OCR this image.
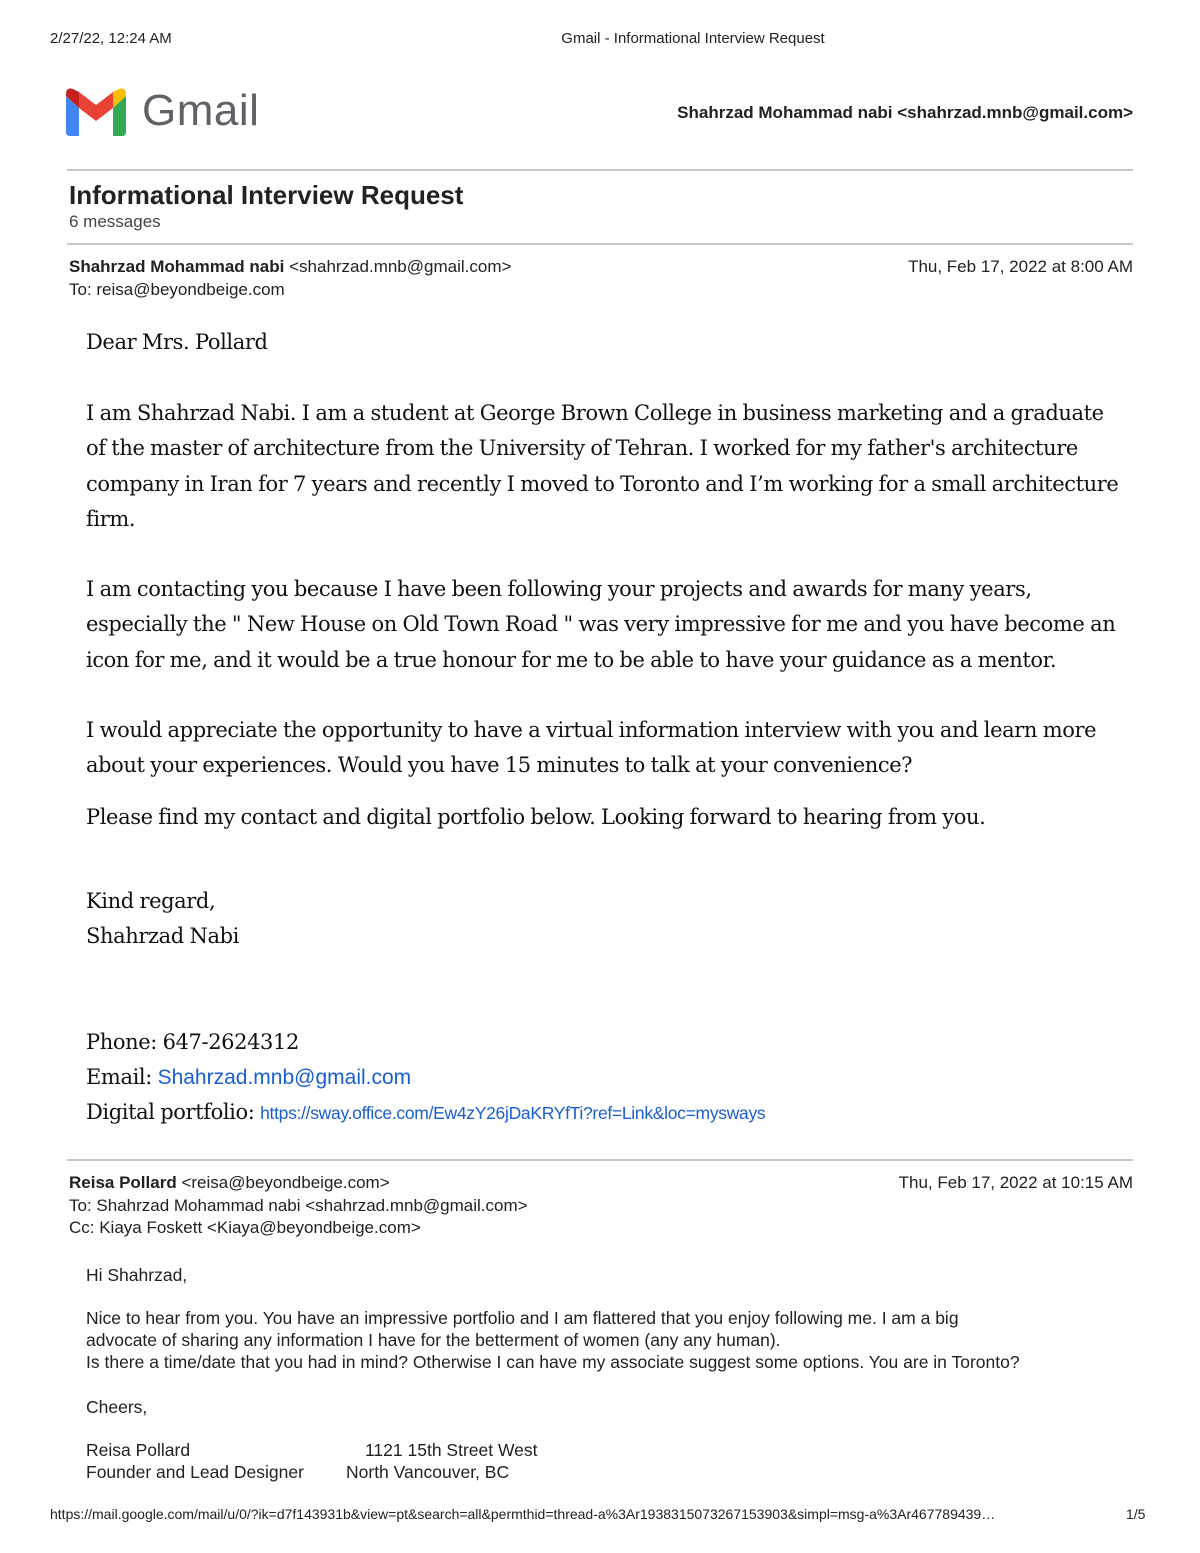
2/27/22, 12:24 AM	Gmail - Informational Interview Request
Gmail	Shahrzad Mohammad nabi <shahrzad.mnb@gmail.com>
Informational Interview Request
6 messages
Shahrzad Mohammad nabi <shahrzad.mnb@gmail.com>	Thu, Feb 17, 2022 at 8:00 AM
To: reisa@beyondbeige.com
Dear Mrs. Pollard
I am Shahrzad Nabi. I am a student at George Brown College in business marketing and a graduate of the master of architecture from the University of Tehran. I worked for my father's architecture company in Iran for 7 years and recently I moved to Toronto and I’m working for a small architecture firm.
I am contacting you because I have been following your projects and awards for many years, especially the " New House on Old Town Road " was very impressive for me and you have become an icon for me, and it would be a true honour for me to be able to have your guidance as a mentor.
I would appreciate the opportunity to have a virtual information interview with you and learn more about your experiences. Would you have 15 minutes to talk at your convenience?
Please find my contact and digital portfolio below. Looking forward to hearing from you.
Kind regard,
Shahrzad Nabi
Phone: 647-2624312
Email: Shahrzad.mnb@gmail.com
Digital portfolio: https://sway.office.com/Ew4zY26jDaKRYfTi?ref=Link&loc=mysways
Reisa Pollard <reisa@beyondbeige.com>	Thu, Feb 17, 2022 at 10:15 AM
To: Shahrzad Mohammad nabi <shahrzad.mnb@gmail.com>
Cc: Kiaya Foskett <Kiaya@beyondbeige.com>
Hi Shahrzad,
Nice to hear from you. You have an impressive portfolio and I am flattered that you enjoy following me. I am a big
advocate of sharing any information I have for the betterment of women (any any human).
Is there a time/date that you had in mind? Otherwise I can have my associate suggest some options. You are in Toronto?
Cheers,
Reisa Pollard
Founder and Lead Designer
1121 15th Street West
North Vancouver, BC
https://mail.google.com/mail/u/0/?ik=d7f143931b&view=pt&search=all&permthid=thread-a%3Ar1938315073267153903&simpl=msg-a%3Ar467789439…	1/5
